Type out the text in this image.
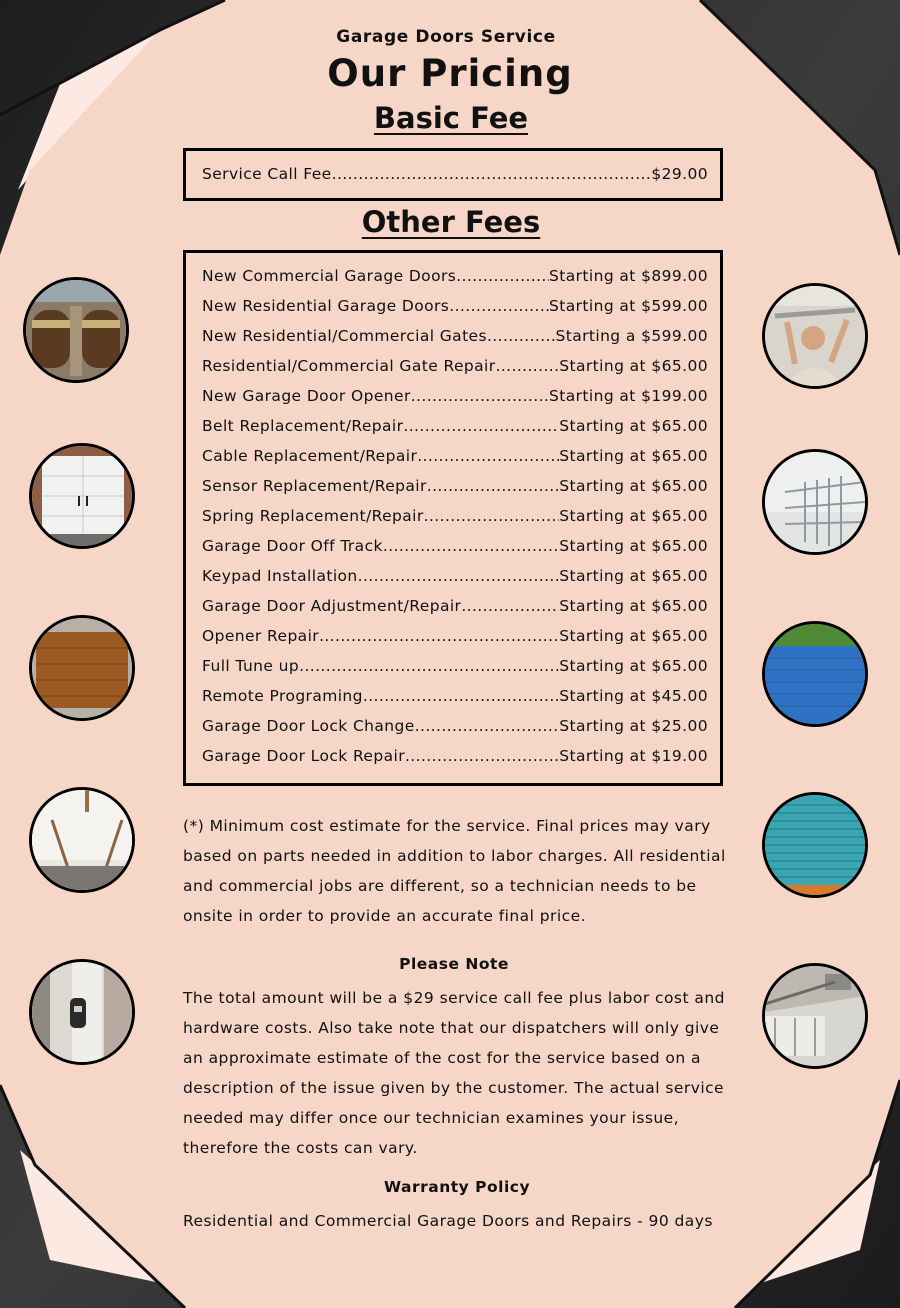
Garage Doors Service
Our Pricing
Basic Fee
Service Call Fee .....	$29.00
Other Fees
New Commercial Garage Doors .....	Starting at $899.00
New Residential Garage Doors .....	Starting at $599.00
New Residential/Commercial Gates .....	Starting a $599.00
Residential/Commercial Gate Repair .....	Starting at $65.00
New Garage Door Opener .....	Starting at $199.00
Belt Replacement/Repair .....	Starting at $65.00
Cable Replacement/Repair .....	Starting at $65.00
Sensor Replacement/Repair .....	Starting at $65.00
Spring Replacement/Repair .....	Starting at $65.00
Garage Door Off Track .....	Starting at $65.00
Keypad Installation .....	Starting at $65.00
Garage Door Adjustment/Repair .....	Starting at $65.00
Opener Repair .....	Starting at $65.00
Full Tune up .....	Starting at $65.00
Remote Programing .....	Starting at $45.00
Garage Door Lock Change .....	Starting at $25.00
Garage Door Lock Repair .....	Starting at $19.00
(*) Minimum cost estimate for the service. Final prices may vary based on parts needed in addition to labor charges. All residential and commercial jobs are different, so a technician needs to be onsite in order to provide an accurate final price.
Please Note
The total amount will be a $29 service call fee plus labor cost and hardware costs. Also take note that our dispatchers will only give an approximate estimate of the cost for the service based on a description of the issue given by the customer. The actual service needed may differ once our technician examines your issue, therefore the costs can vary.
Warranty Policy
Residential and Commercial Garage Doors and Repairs - 90 days
